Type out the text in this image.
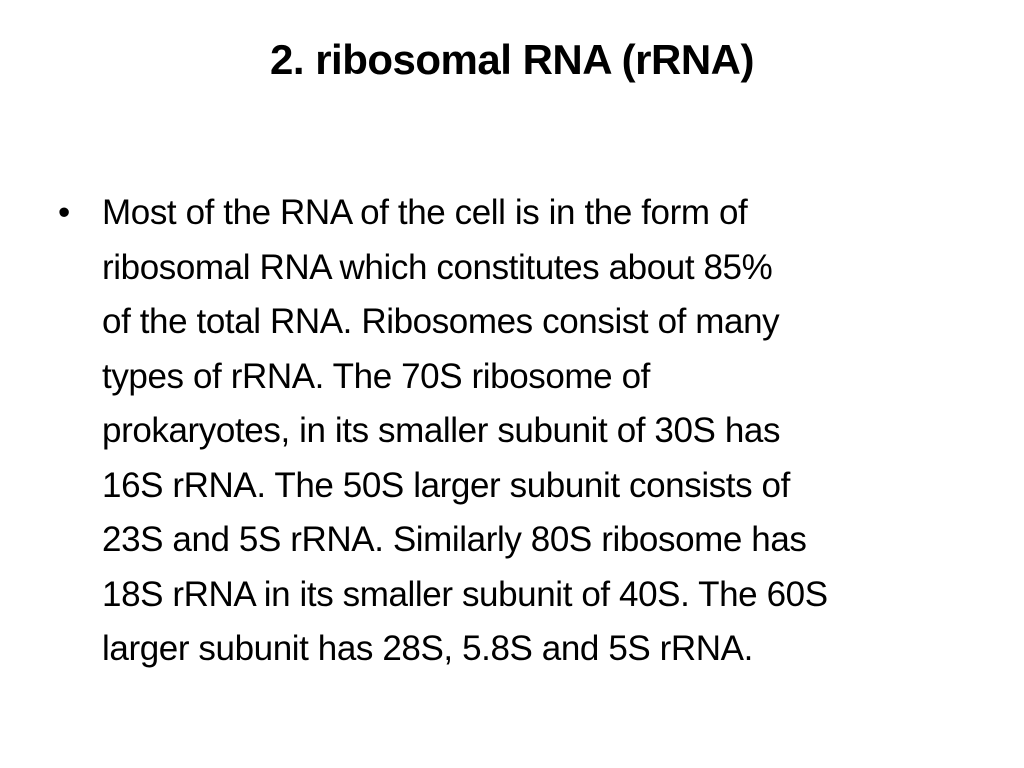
2. ribosomal RNA (rRNA)
• Most of the RNA of the cell is in the form of
ribosomal RNA which constitutes about 85%
of the total RNA. Ribosomes consist of many
types of rRNA. The 70S ribosome of
prokaryotes, in its smaller subunit of 30S has
16S rRNA. The 50S larger subunit consists of
23S and 5S rRNA. Similarly 80S ribosome has
18S rRNA in its smaller subunit of 40S. The 60S
larger subunit has 28S, 5.8S and 5S rRNA.
